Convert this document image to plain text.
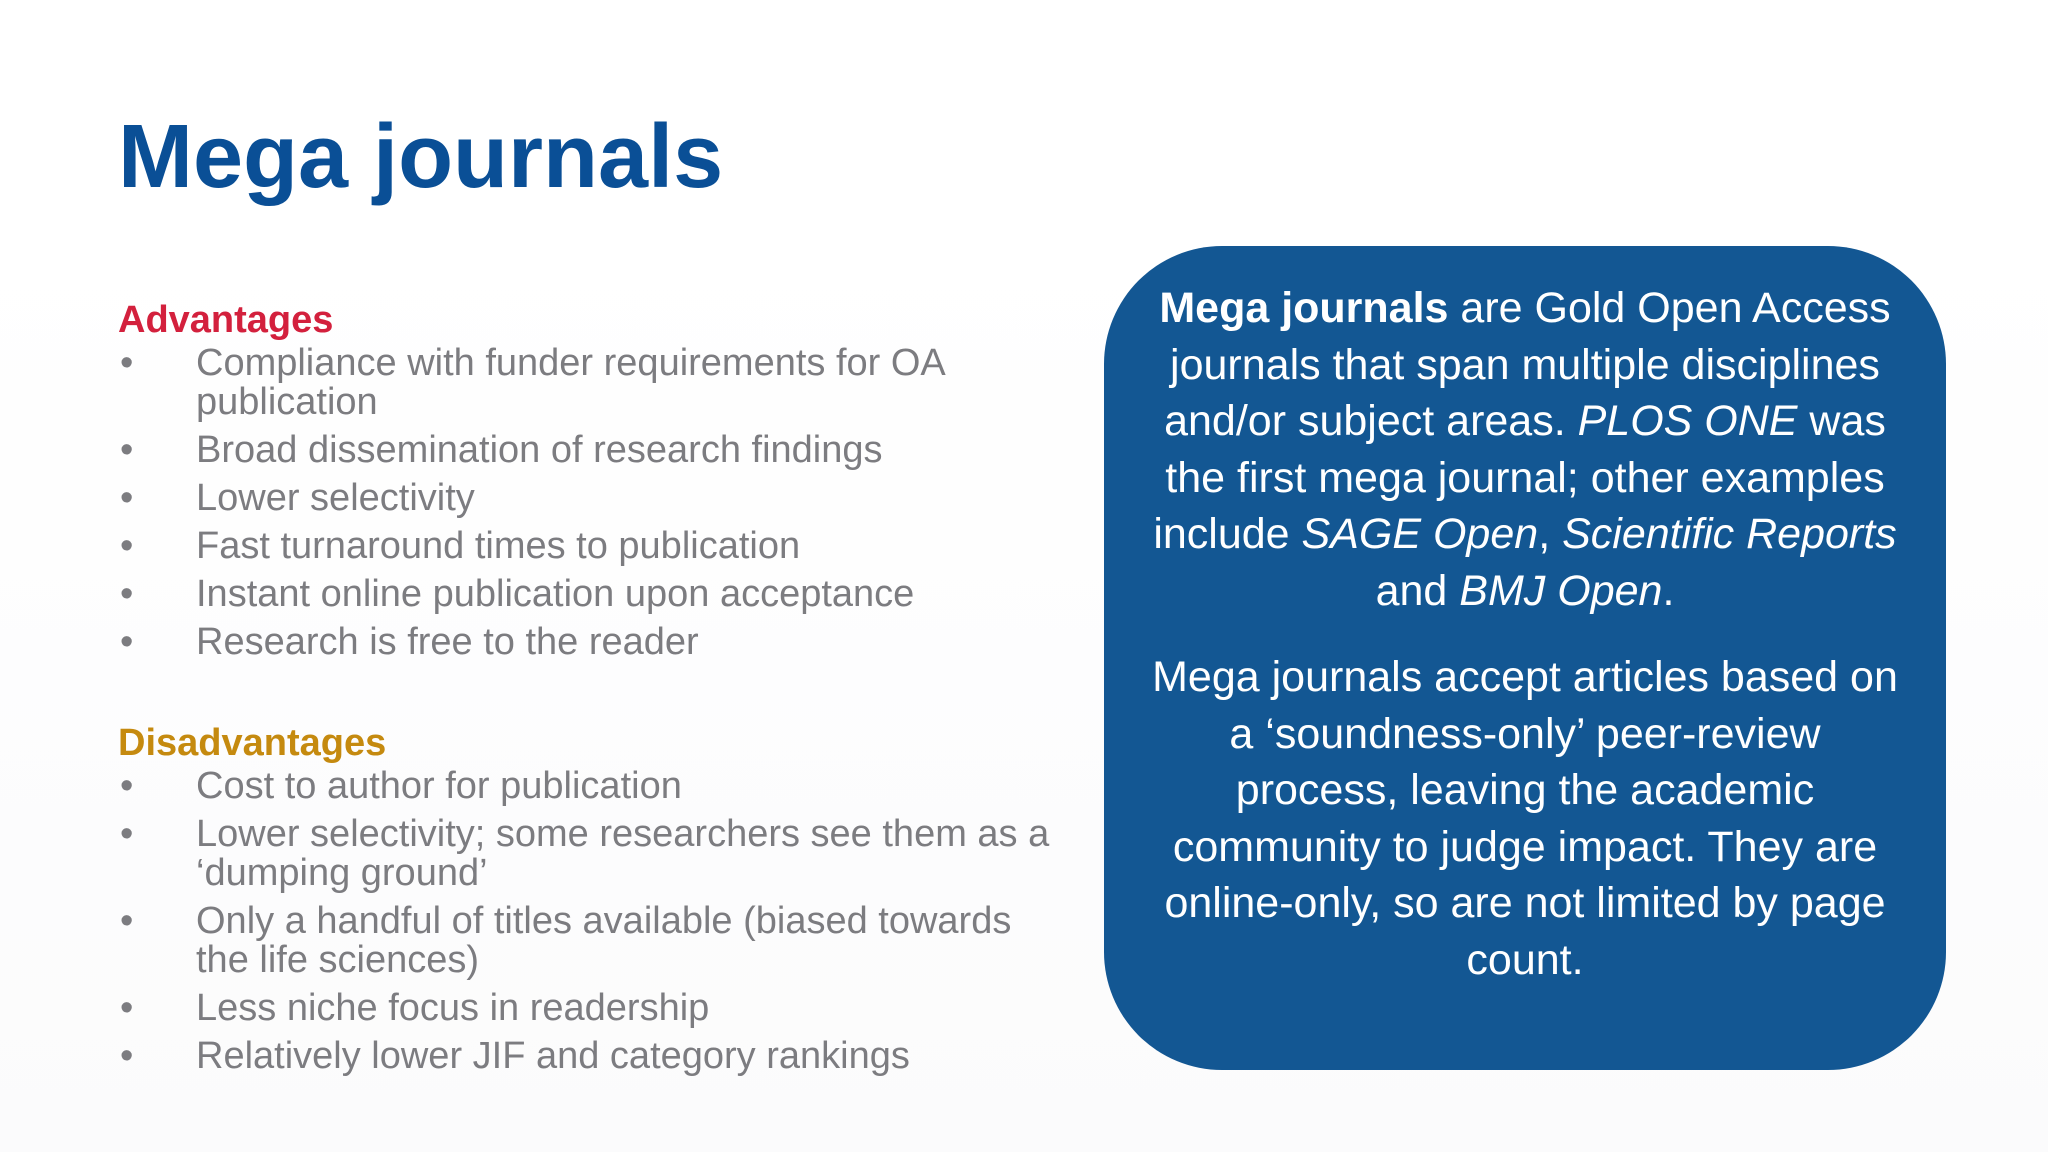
Mega journals
Advantages
•	Compliance with funder requirements for OA publication
•	Broad dissemination of research findings
•	Lower selectivity
•	Fast turnaround times to publication
•	Instant online publication upon acceptance
•	Research is free to the reader
Disadvantages
•	Cost to author for publication
•	Lower selectivity; some researchers see them as a ‘dumping ground’
•	Only a handful of titles available (biased towards the life sciences)
•	Less niche focus in readership
•	Relatively lower JIF and category rankings

Mega journals are Gold Open Access journals that span multiple disciplines and/or subject areas. PLOS ONE was the first mega journal; other examples include SAGE Open, Scientific Reports and BMJ Open.

Mega journals accept articles based on a ‘soundness-only’ peer-review process, leaving the academic community to judge impact. They are online-only, so are not limited by page count.
